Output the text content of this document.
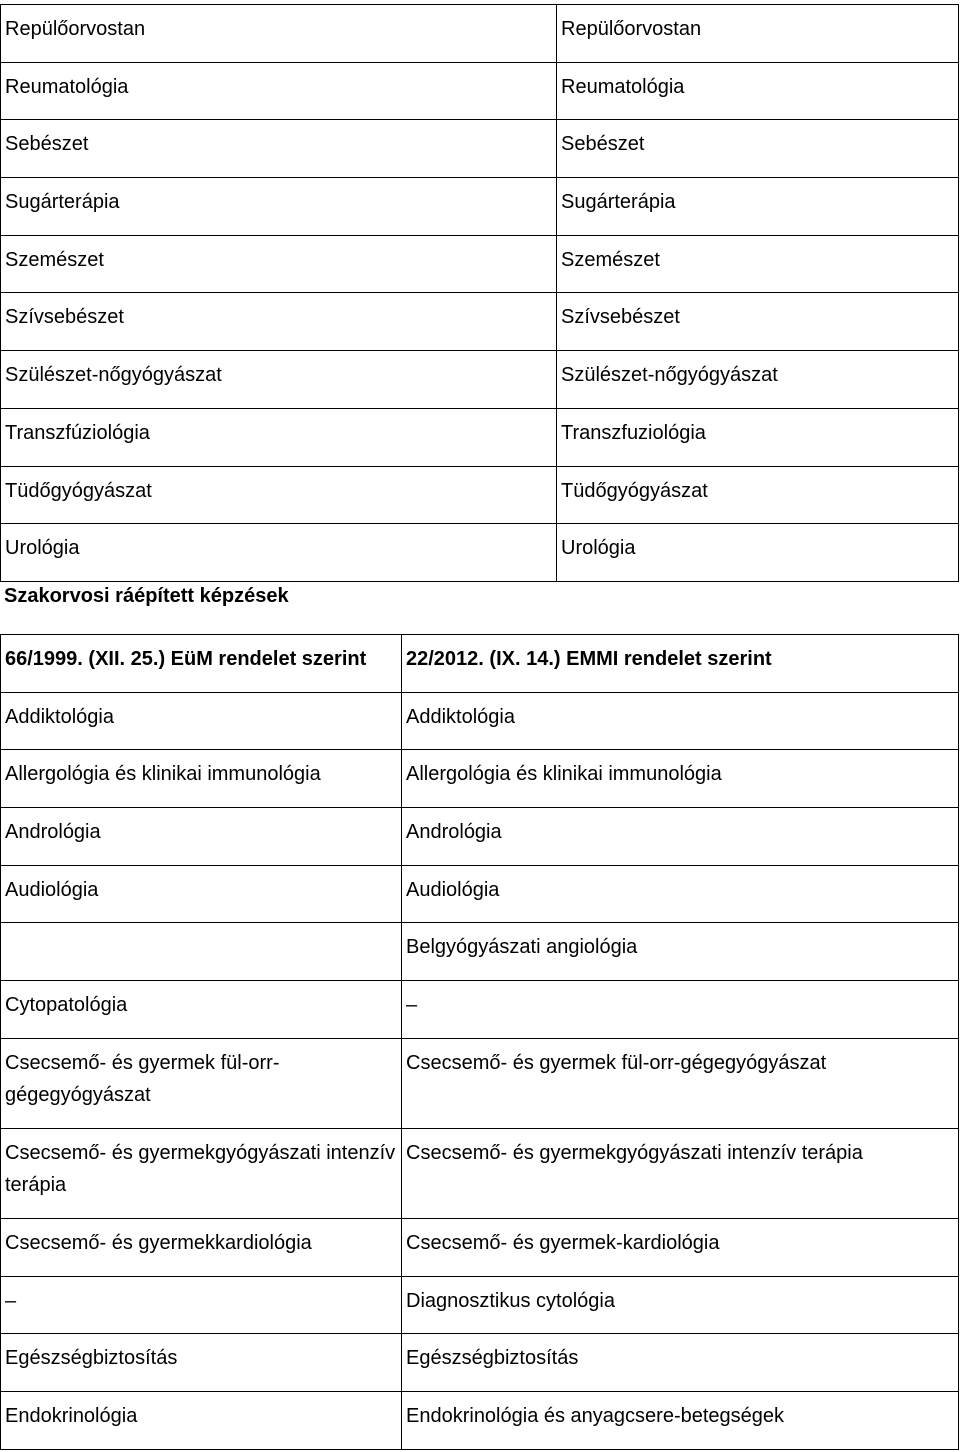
Repülőorvostan	Repülőorvostan
Reumatológia	Reumatológia
Sebészet	Sebészet
Sugárterápia	Sugárterápia
Szemészet	Szemészet
Szívsebészet	Szívsebészet
Szülészet-nőgyógyászat	Szülészet-nőgyógyászat
Transzfúziológia	Transzfuziológia
Tüdőgyógyászat	Tüdőgyógyászat
Urológia	Urológia
Szakorvosi ráépített képzések
66/1999. (XII. 25.) EüM rendelet szerint	22/2012. (IX. 14.) EMMI rendelet szerint
Addiktológia	Addiktológia
Allergológia és klinikai immunológia	Allergológia és klinikai immunológia
Andrológia	Andrológia
Audiológia	Audiológia
	Belgyógyászati angiológia
Cytopatológia	–
Csecsemő- és gyermek fül-orr-gégegyógyászat	Csecsemő- és gyermek fül-orr-gégegyógyászat
Csecsemő- és gyermekgyógyászati intenzív terápia	Csecsemő- és gyermekgyógyászati intenzív terápia
Csecsemő- és gyermekkardiológia	Csecsemő- és gyermek-kardiológia
–	Diagnosztikus cytológia
Egészségbiztosítás	Egészségbiztosítás
Endokrinológia	Endokrinológia és anyagcsere-betegségek
